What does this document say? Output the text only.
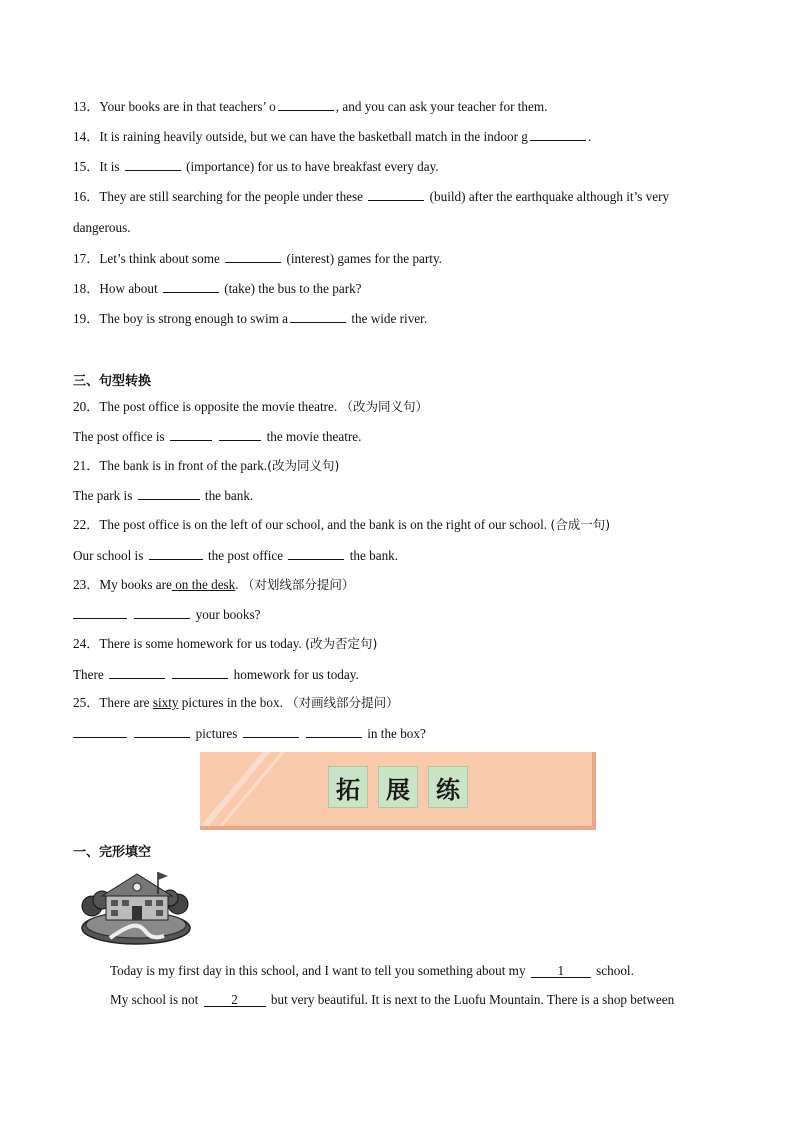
13．Your books are in that teachers’ o	, and you can ask your teacher for them.
14．It is raining heavily outside, but we can have the basketball match in the indoor g	.
15．It is	(importance) for us to have breakfast every day.
16．They are still searching for the people under these	(build) after the earthquake although it’s very
dangerous.
17．Let’s think about some	(interest) games for the party.
18．How about	(take) the bus to the park?
19．The boy is strong enough to swim a	the wide river.
三、句型转换
20．The post office is opposite the movie theatre. （改为同义句）
The post office is	the movie theatre.
21．The bank is in front of the park.(改为同义句)
The park is	the bank.
22．The post office is on the left of our school, and the bank is on the right of our school. (合成一句)
Our school is	the post office	the bank.
23．My books are on the desk. （对划线部分提问）
your books?
24．There is some homework for us today. (改为否定句)
There	homework for us today.
25．There are sixty pictures in the box. （对画线部分提问）
pictures	in the box?
拓	展	练
一、完形填空
Today is my first day in this school, and I want to tell you something about my 1 school.
My school is not 2 but very beautiful. It is next to the Luofu Mountain. There is a shop between
